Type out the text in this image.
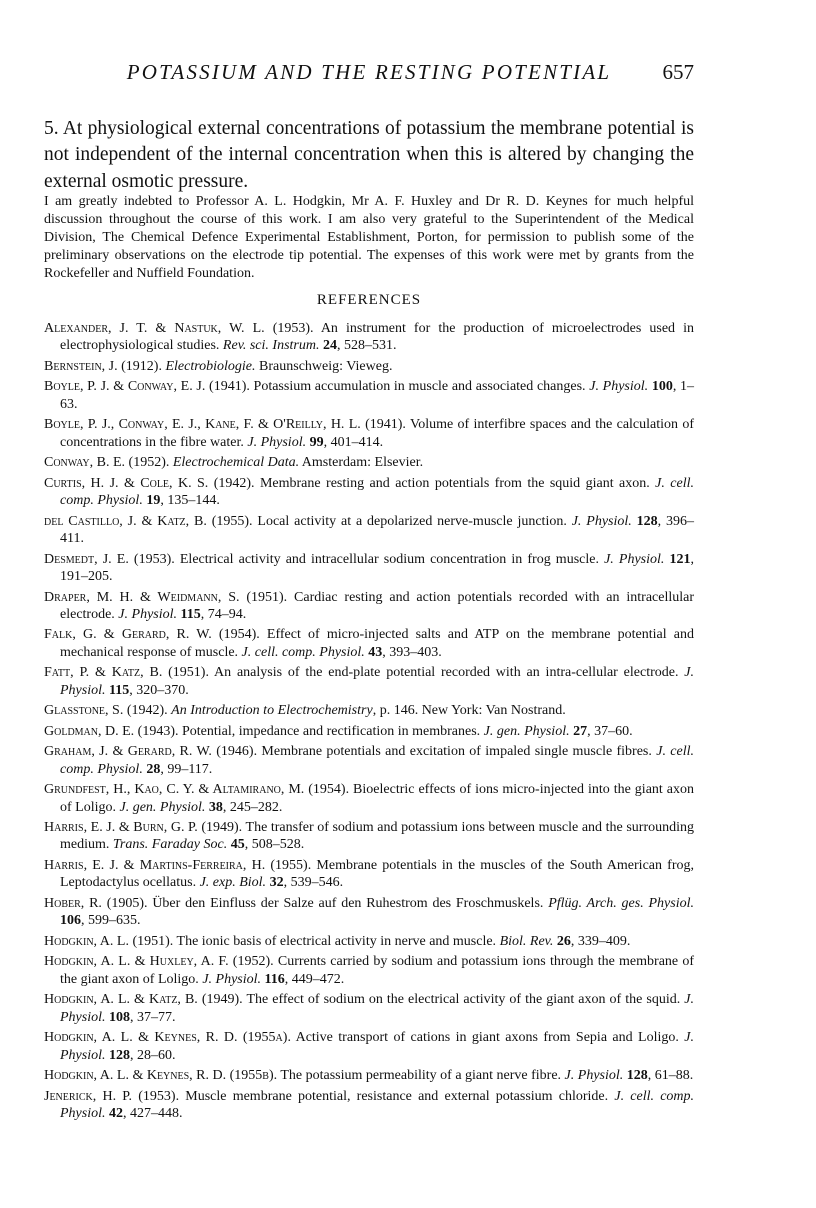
POTASSIUM AND THE RESTING POTENTIAL	657

5. At physiological external concentrations of potassium the membrane potential is not independent of the internal concentration when this is altered by changing the external osmotic pressure.

I am greatly indebted to Professor A. L. Hodgkin, Mr A. F. Huxley and Dr R. D. Keynes for much helpful discussion throughout the course of this work. I am also very grateful to the Superintendent of the Medical Division, The Chemical Defence Experimental Establishment, Porton, for permission to publish some of the preliminary observations on the electrode tip potential. The expenses of this work were met by grants from the Rockefeller and Nuffield Foundation.

REFERENCES

Alexander, J. T. & Nastuk, W. L. (1953). An instrument for the production of microelectrodes used in electrophysiological studies. Rev. sci. Instrum. 24, 528–531.

Bernstein, J. (1912). Electrobiologie. Braunschweig: Vieweg.

Boyle, P. J. & Conway, E. J. (1941). Potassium accumulation in muscle and associated changes. J. Physiol. 100, 1–63.

Boyle, P. J., Conway, E. J., Kane, F. & O'Reilly, H. L. (1941). Volume of interfibre spaces and the calculation of concentrations in the fibre water. J. Physiol. 99, 401–414.

Conway, B. E. (1952). Electrochemical Data. Amsterdam: Elsevier.

Curtis, H. J. & Cole, K. S. (1942). Membrane resting and action potentials from the squid giant axon. J. cell. comp. Physiol. 19, 135–144.

del Castillo, J. & Katz, B. (1955). Local activity at a depolarized nerve-muscle junction. J. Physiol. 128, 396–411.

Desmedt, J. E. (1953). Electrical activity and intracellular sodium concentration in frog muscle. J. Physiol. 121, 191–205.

Draper, M. H. & Weidmann, S. (1951). Cardiac resting and action potentials recorded with an intracellular electrode. J. Physiol. 115, 74–94.

Falk, G. & Gerard, R. W. (1954). Effect of micro-injected salts and ATP on the membrane potential and mechanical response of muscle. J. cell. comp. Physiol. 43, 393–403.

Fatt, P. & Katz, B. (1951). An analysis of the end-plate potential recorded with an intra-cellular electrode. J. Physiol. 115, 320–370.

Glasstone, S. (1942). An Introduction to Electrochemistry, p. 146. New York: Van Nostrand.

Goldman, D. E. (1943). Potential, impedance and rectification in membranes. J. gen. Physiol. 27, 37–60.

Graham, J. & Gerard, R. W. (1946). Membrane potentials and excitation of impaled single muscle fibres. J. cell. comp. Physiol. 28, 99–117.

Grundfest, H., Kao, C. Y. & Altamirano, M. (1954). Bioelectric effects of ions micro-injected into the giant axon of Loligo. J. gen. Physiol. 38, 245–282.

Harris, E. J. & Burn, G. P. (1949). The transfer of sodium and potassium ions between muscle and the surrounding medium. Trans. Faraday Soc. 45, 508–528.

Harris, E. J. & Martins-Ferreira, H. (1955). Membrane potentials in the muscles of the South American frog, Leptodactylus ocellatus. J. exp. Biol. 32, 539–546.

Hober, R. (1905). Über den Einfluss der Salze auf den Ruhestrom des Froschmuskels. Pflüg. Arch. ges. Physiol. 106, 599–635.

Hodgkin, A. L. (1951). The ionic basis of electrical activity in nerve and muscle. Biol. Rev. 26, 339–409.

Hodgkin, A. L. & Huxley, A. F. (1952). Currents carried by sodium and potassium ions through the membrane of the giant axon of Loligo. J. Physiol. 116, 449–472.

Hodgkin, A. L. & Katz, B. (1949). The effect of sodium on the electrical activity of the giant axon of the squid. J. Physiol. 108, 37–77.

Hodgkin, A. L. & Keynes, R. D. (1955a). Active transport of cations in giant axons from Sepia and Loligo. J. Physiol. 128, 28–60.

Hodgkin, A. L. & Keynes, R. D. (1955b). The potassium permeability of a giant nerve fibre. J. Physiol. 128, 61–88.

Jenerick, H. P. (1953). Muscle membrane potential, resistance and external potassium chloride. J. cell. comp. Physiol. 42, 427–448.
